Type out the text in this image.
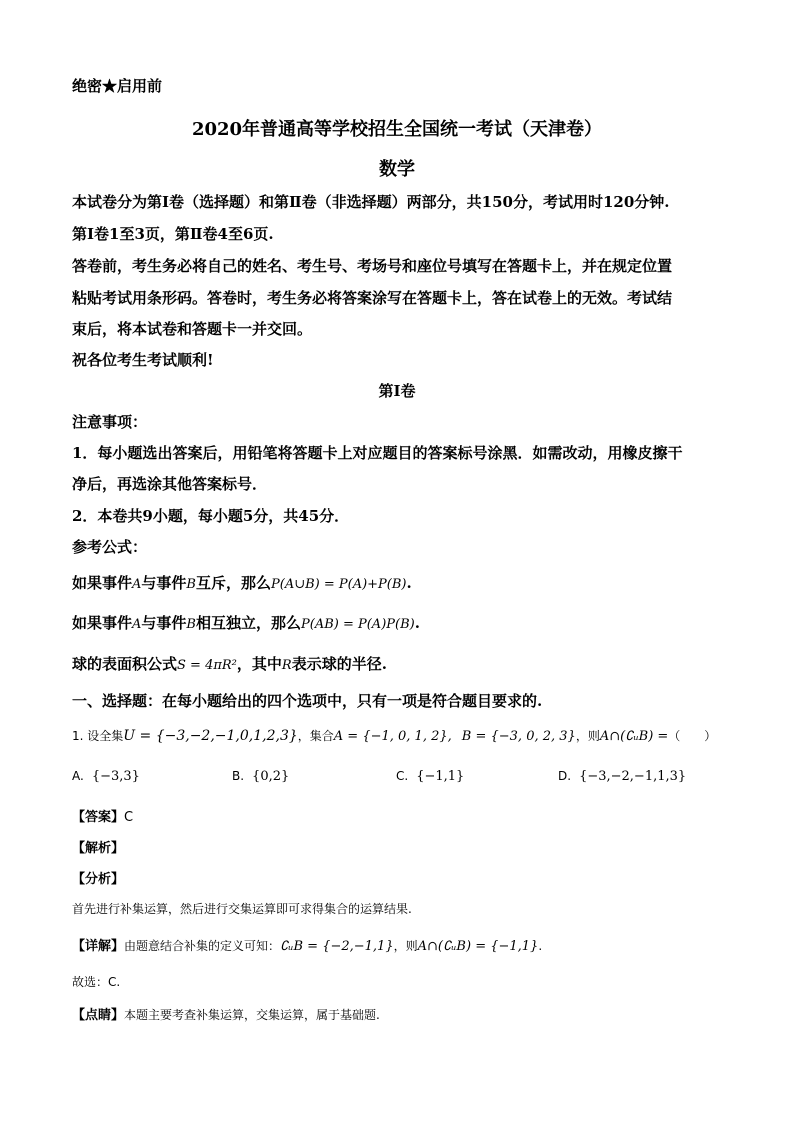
绝密★启用前
2020年普通高等学校招生全国统一考试（天津卷）
数学
本试卷分为第Ⅰ卷（选择题）和第Ⅱ卷（非选择题）两部分，共150分，考试用时120分钟.
第Ⅰ卷1至3页，第Ⅱ卷4至6页.
答卷前，考生务必将自己的姓名、考生号、考场号和座位号填写在答题卡上，并在规定位置
粘贴考试用条形码。答卷时，考生务必将答案涂写在答题卡上，答在试卷上的无效。考试结
束后，将本试卷和答题卡一并交回。
祝各位考生考试顺利!
第Ⅰ卷
注意事项：
1．每小题选出答案后，用铅笔将答题卡上对应题目的答案标号涂黑．如需改动，用橡皮擦干
净后，再选涂其他答案标号．
2．本卷共9小题，每小题5分，共45分．
参考公式：
如果事件A与事件B互斥，那么P(A∪B) = P(A)+P(B).
如果事件A与事件B相互独立，那么P(AB) = P(A)P(B).
球的表面积公式S = 4πR²，其中R表示球的半径.
一、选择题：在每小题给出的四个选项中，只有一项是符合题目要求的.
1. 设全集U = {−3,−2,−1,0,1,2,3}，集合A = {−1, 0, 1, 2}, B = {−3, 0, 2, 3}，则A∩(∁ᵤB) =（　　）
A. {−3,3}	B. {0,2}	C. {−1,1}	D. {−3,−2,−1,1,3}
【答案】C
【解析】
【分析】
首先进行补集运算，然后进行交集运算即可求得集合的运算结果.
【详解】由题意结合补集的定义可知：∁ᵤB = {−2,−1,1}，则A∩(∁ᵤB) = {−1,1}.
故选：C.
【点睛】本题主要考查补集运算，交集运算，属于基础题.
